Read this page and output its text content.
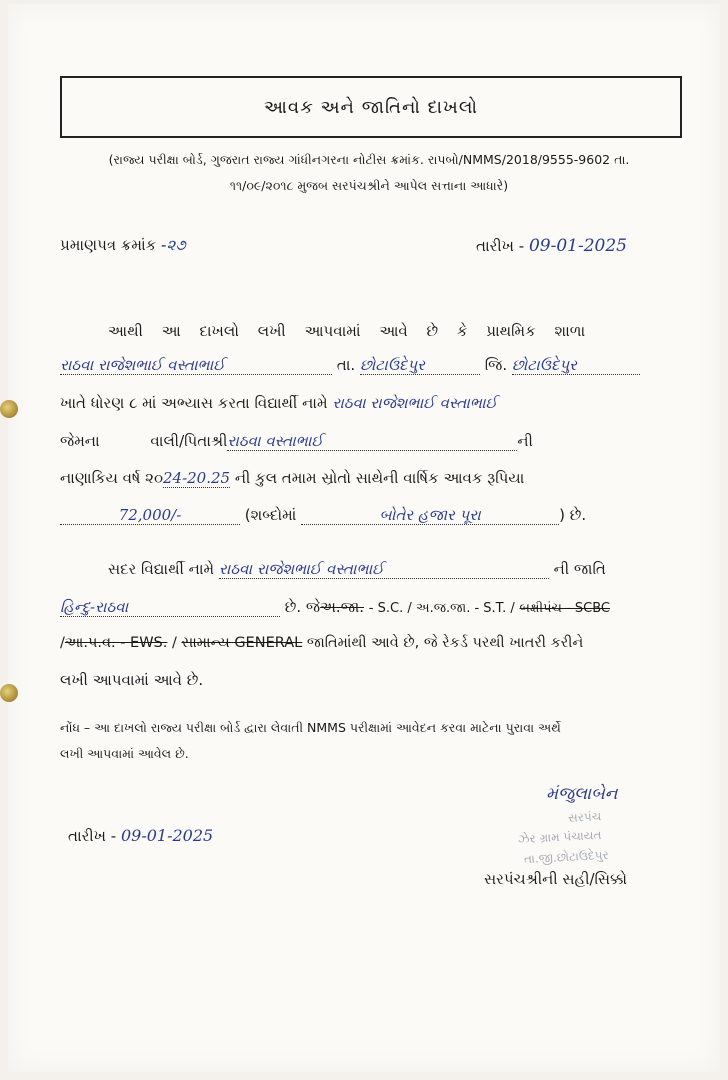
આવક અને જાતિનો દાખલો
(રાજ્ય પરીક્ષા બોર્ડ, ગુજરાત રાજ્ય ગાંધીનગરના નોટીસ ક્રમાંક. રાપબો/NMMS/2018/9555-9602 તા.
૧૧/૦૯/૨૦૧૮ મુજબ સરપંચશ્રીને આપેલ સત્તાના આધારે)
પ્રમાણપત્ર ક્રમાંક -૨૭	તારીખ - 09-01-2025
આથી આ દાખલો લખી આપવામાં આવે છે કે પ્રાથમિક શાળા
રાઠવા રાજેશભાઈ વસ્તાભાઈ	તા. છોટાઉદેપુર	જિ. છોટાઉદેપુર
ખાતે ધોરણ ૮ માં અભ્યાસ કરતા વિદ્યાર્થી નામે રાઠવા રાજેશભાઈ વસ્તાભાઈ
જેમના	વાલી/પિતાશ્રીરાઠવા વસ્તાભાઈ	ની
નાણાકિય વર્ષ ૨૦24-20.25 ની કુલ તમામ સ્રોતો સાથેની વાર્ષિક આવક રૂપિયા
72,000/-	(શબ્દોમાં	બોતેર હજાર પૂરા	) છે.
સદર વિદ્યાર્થી નામે રાઠવા રાજેશભાઈ વસ્તાભાઈ	ની જાતિ
હિન્દુ-રાઠવા	છે. જેઅ.જા. - S.C. / અ.જ.જા. - S.T. / બક્ષીપંચ - SCBC
/આ.પ.વ. - EWS. / સામાન્ય GENERAL જાતિમાંથી આવે છે, જે રેકર્ડ પરથી ખાતરી કરીને
લખી આપવામાં આવે છે.
નોંધ – આ દાખલો રાજ્ય પરીક્ષા બોર્ડ દ્વારા લેવાતી NMMS પરીક્ષામાં આવેદન કરવા માટેના પુરાવા અર્થે
લખી આપવામાં આવેલ છે.
તારીખ - 09-01-2025
મંજુલાબેન
સરપંચ
ઝેર ગ્રામ પંચાયત
તા.જી.છોટાઉદેપુર
સરપંચશ્રીની સહી/સિક્કો
